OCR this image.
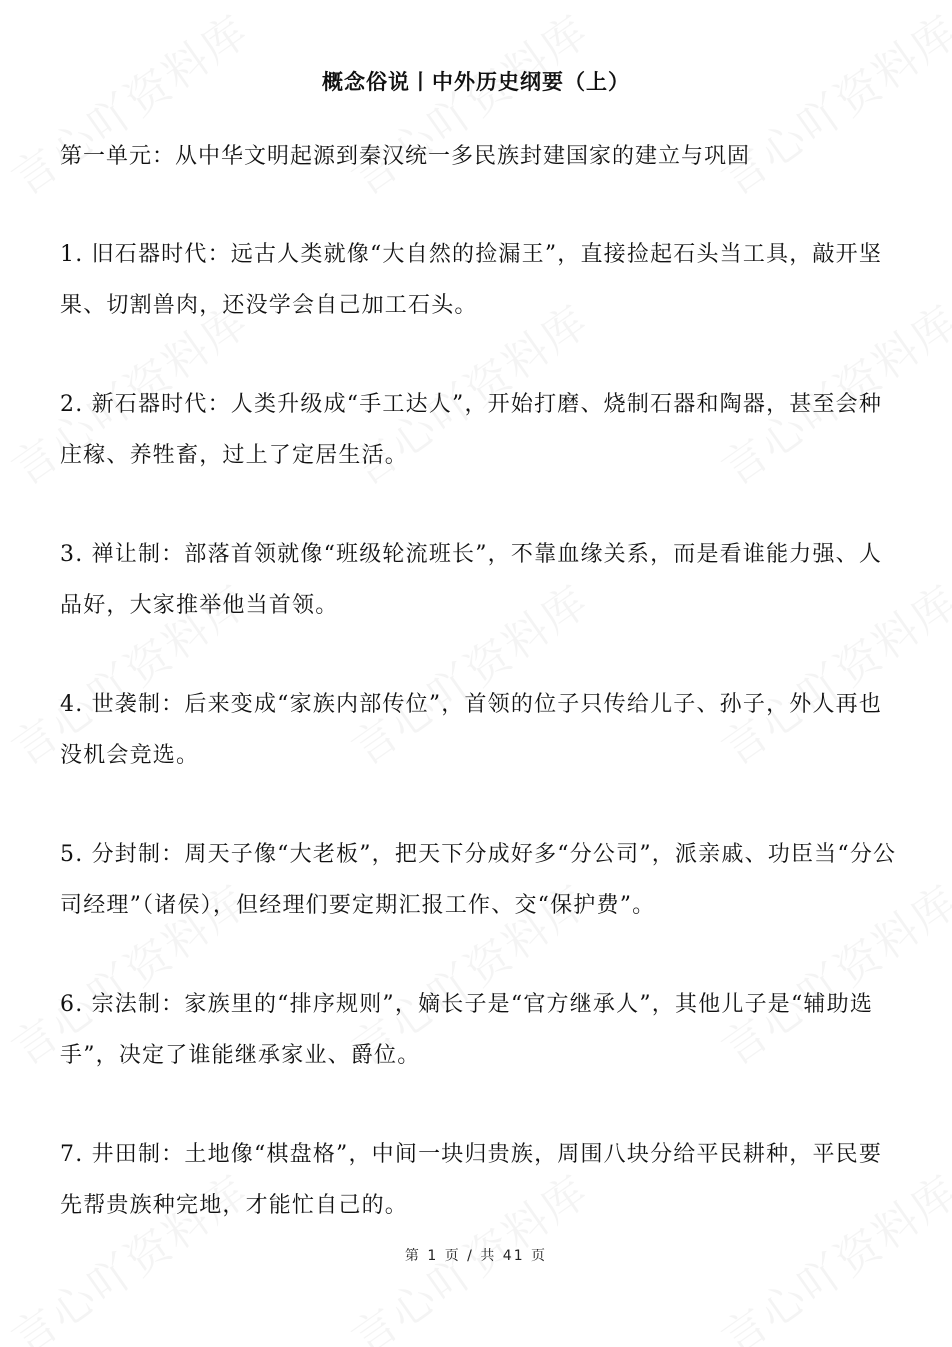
概念俗说丨中外历史纲要（上）
第一单元：从中华文明起源到秦汉统一多民族封建国家的建立与巩固
1. 旧石器时代：远古人类就像“大自然的捡漏王”，直接捡起石头当工具，敲开坚果、切割兽肉，还没学会自己加工石头。
2. 新石器时代：人类升级成“手工达人”，开始打磨、烧制石器和陶器，甚至会种庄稼、养牲畜，过上了定居生活。
3. 禅让制：部落首领就像“班级轮流班长”，不靠血缘关系，而是看谁能力强、人品好，大家推举他当首领。
4. 世袭制：后来变成“家族内部传位”，首领的位子只传给儿子、孙子，外人再也没机会竞选。
5. 分封制：周天子像“大老板”，把天下分成好多“分公司”，派亲戚、功臣当“分公司经理”（诸侯），但经理们要定期汇报工作、交“保护费”。
6. 宗法制：家族里的“排序规则”，嫡长子是“官方继承人”，其他儿子是“辅助选手”，决定了谁能继承家业、爵位。
7. 井田制：土地像“棋盘格”，中间一块归贵族，周围八块分给平民耕种，平民要先帮贵族种完地，才能忙自己的。
第 1 页 / 共 41 页
